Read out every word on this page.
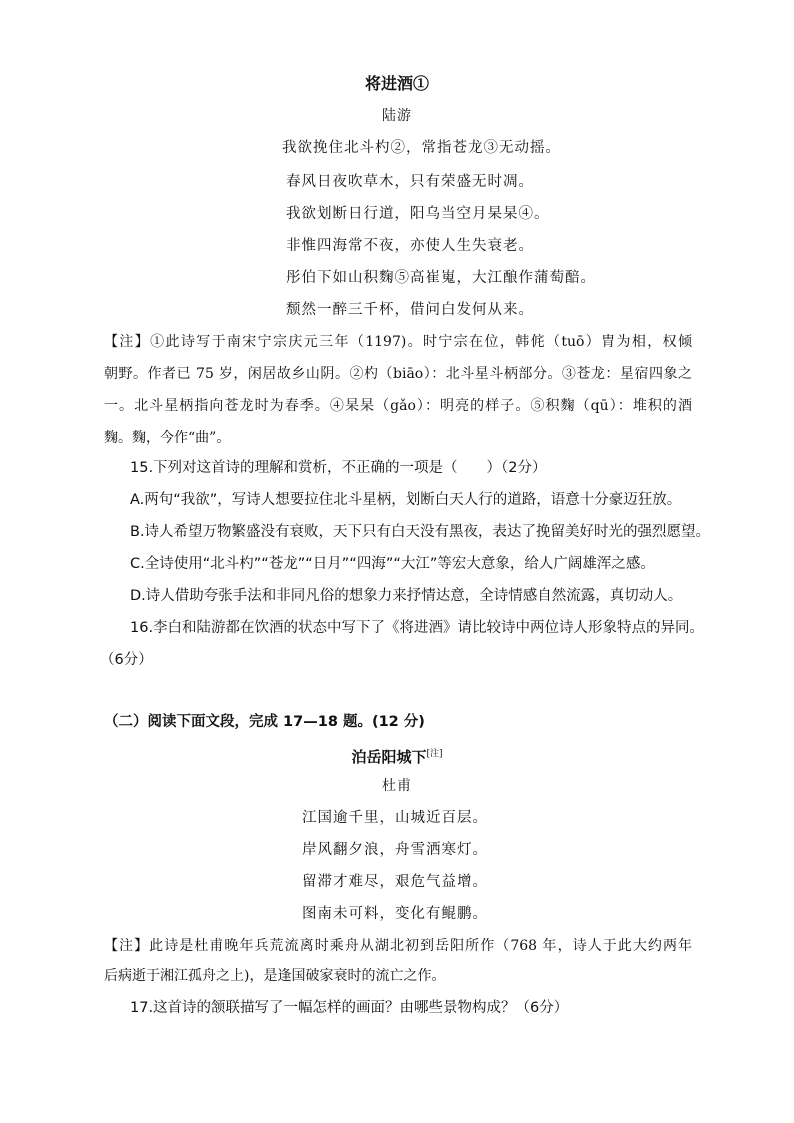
将进酒①
陆游
我欲挽住北斗杓②，常指苍龙③无动摇。
春风日夜吹草木，只有荣盛无时凋。
我欲划断日行道，阳乌当空月杲杲④。
非惟四海常不夜，亦使人生失衰老。
彤伯下如山积麴⑤高崔嵬，大江酿作蒲萄醅。
颓然一醉三千杯，借问白发何从来。
【注】①此诗写于南宋宁宗庆元三年（1197)。时宁宗在位，韩侂（tuō）胄为相，权倾
朝野。作者已 75 岁，闲居故乡山阴。②杓（biāo）：北斗星斗柄部分。③苍龙：星宿四象之
一。北斗星柄指向苍龙时为春季。④杲杲（gǎo）：明亮的样子。⑤积麴（qū）：堆积的酒
麴。麴，今作“曲”。
15.下列对这首诗的理解和赏析，不正确的一项是（　　）（2分）
A.两句“我欲”，写诗人想要拉住北斗星柄，划断白天人行的道路，语意十分豪迈狂放。
B.诗人希望万物繁盛没有衰败，天下只有白天没有黑夜，表达了挽留美好时光的强烈愿望。
C.全诗使用“北斗杓”“苍龙”“日月”“四海”“大江”等宏大意象，给人广阔雄浑之感。
D.诗人借助夸张手法和非同凡俗的想象力来抒情达意，全诗情感自然流露，真切动人。
16.李白和陆游都在饮酒的状态中写下了《将进酒》请比较诗中两位诗人形象特点的异同。
（6分）
（二）阅读下面文段，完成 17—18 题。(12 分)
泊岳阳城下[注]
杜甫
江国逾千里，山城近百层。
岸风翻夕浪，舟雪洒寒灯。
留滞才难尽，艰危气益增。
图南未可料，变化有鲲鹏。
【注】此诗是杜甫晚年兵荒流离时乘舟从湖北初到岳阳所作（768 年，诗人于此大约两年
后病逝于湘江孤舟之上)，是逢国破家衰时的流亡之作。
17.这首诗的颔联描写了一幅怎样的画面？由哪些景物构成？（6分）
